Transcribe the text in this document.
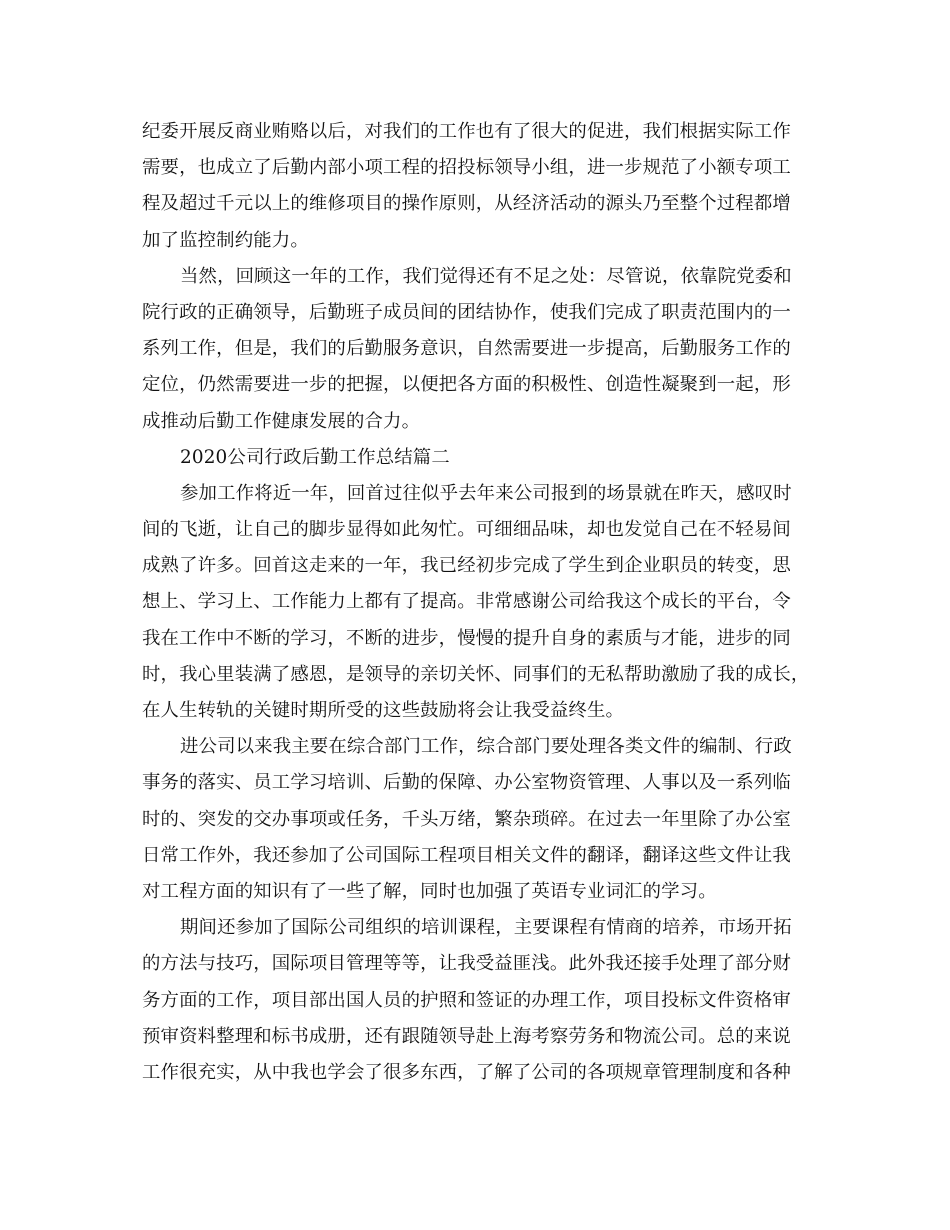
纪委开展反商业贿赂以后，对我们的工作也有了很大的促进，我们根据实际工作
需要，也成立了后勤内部小项工程的招投标领导小组，进一步规范了小额专项工
程及超过千元以上的维修项目的操作原则，从经济活动的源头乃至整个过程都增
加了监控制约能力。
当然，回顾这一年的工作，我们觉得还有不足之处：尽管说，依靠院党委和
院行政的正确领导，后勤班子成员间的团结协作，使我们完成了职责范围内的一
系列工作，但是，我们的后勤服务意识，自然需要进一步提高，后勤服务工作的
定位，仍然需要进一步的把握，以便把各方面的积极性、创造性凝聚到一起，形
成推动后勤工作健康发展的合力。
2020公司行政后勤工作总结篇二
参加工作将近一年，回首过往似乎去年来公司报到的场景就在昨天，感叹时
间的飞逝，让自己的脚步显得如此匆忙。可细细品味，却也发觉自己在不轻易间
成熟了许多。回首这走来的一年，我已经初步完成了学生到企业职员的转变，思
想上、学习上、工作能力上都有了提高。非常感谢公司给我这个成长的平台，令
我在工作中不断的学习，不断的进步，慢慢的提升自身的素质与才能，进步的同
时，我心里装满了感恩，是领导的亲切关怀、同事们的无私帮助激励了我的成长，
在人生转轨的关键时期所受的这些鼓励将会让我受益终生。
进公司以来我主要在综合部门工作，综合部门要处理各类文件的编制、行政
事务的落实、员工学习培训、后勤的保障、办公室物资管理、人事以及一系列临
时的、突发的交办事项或任务，千头万绪，繁杂琐碎。在过去一年里除了办公室
日常工作外，我还参加了公司国际工程项目相关文件的翻译，翻译这些文件让我
对工程方面的知识有了一些了解，同时也加强了英语专业词汇的学习。
期间还参加了国际公司组织的培训课程，主要课程有情商的培养，市场开拓
的方法与技巧，国际项目管理等等，让我受益匪浅。此外我还接手处理了部分财
务方面的工作，项目部出国人员的护照和签证的办理工作，项目投标文件资格审
预审资料整理和标书成册，还有跟随领导赴上海考察劳务和物流公司。总的来说
工作很充实，从中我也学会了很多东西，了解了公司的各项规章管理制度和各种
